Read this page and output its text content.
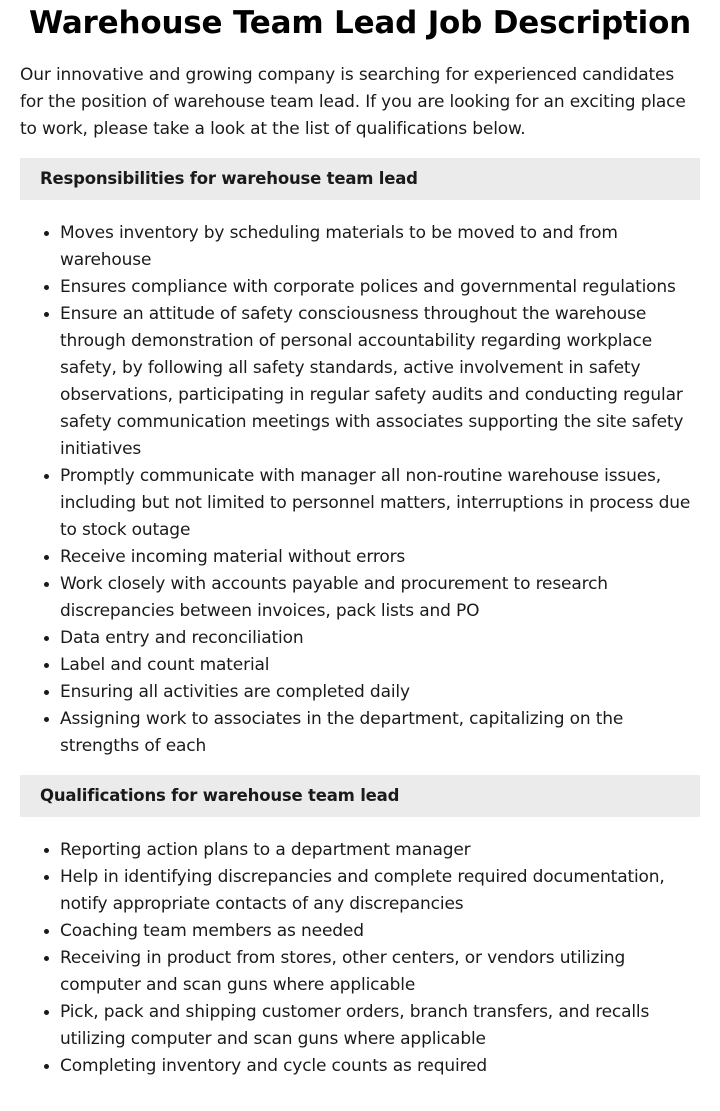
Warehouse Team Lead Job Description

Our innovative and growing company is searching for experienced candidates for the position of warehouse team lead. If you are looking for an exciting place to work, please take a look at the list of qualifications below.

Responsibilities for warehouse team lead
• Moves inventory by scheduling materials to be moved to and from warehouse
• Ensures compliance with corporate polices and governmental regulations
• Ensure an attitude of safety consciousness throughout the warehouse through demonstration of personal accountability regarding workplace safety, by following all safety standards, active involvement in safety observations, participating in regular safety audits and conducting regular safety communication meetings with associates supporting the site safety initiatives
• Promptly communicate with manager all non-routine warehouse issues, including but not limited to personnel matters, interruptions in process due to stock outage
• Receive incoming material without errors
• Work closely with accounts payable and procurement to research discrepancies between invoices, pack lists and PO
• Data entry and reconciliation
• Label and count material
• Ensuring all activities are completed daily
• Assigning work to associates in the department, capitalizing on the strengths of each
Qualifications for warehouse team lead
• Reporting action plans to a department manager
• Help in identifying discrepancies and complete required documentation, notify appropriate contacts of any discrepancies
• Coaching team members as needed
• Receiving in product from stores, other centers, or vendors utilizing computer and scan guns where applicable
• Pick, pack and shipping customer orders, branch transfers, and recalls utilizing computer and scan guns where applicable
• Completing inventory and cycle counts as required
